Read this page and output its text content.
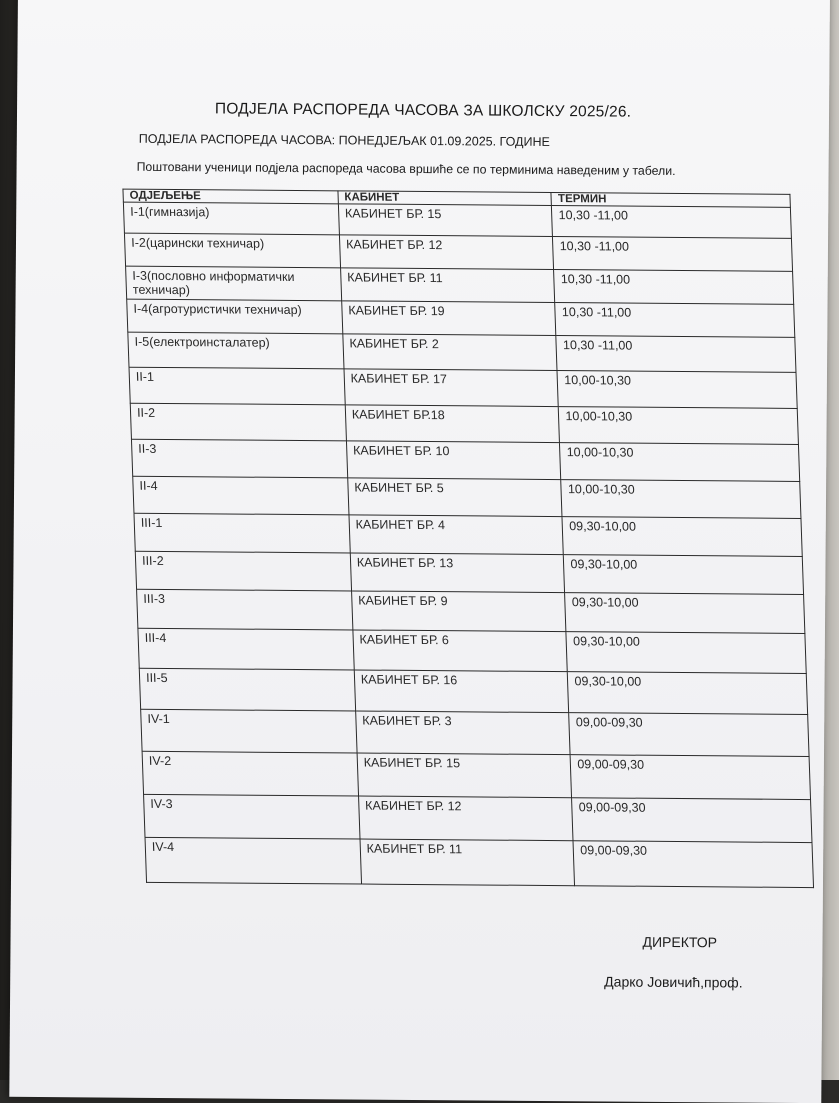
ПОДЈЕЛА РАСПОРЕДА ЧАСОВА ЗА ШКОЛСКУ 2025/26.
ПОДЈЕЛА РАСПОРЕДА ЧАСОВА: ПОНЕДЈЕЉАК 01.09.2025. ГОДИНЕ
Поштовани ученици подјела распореда часова вршиће се по терминима наведеним у табели.
ОДЈЕЉЕЊЕ	КАБИНЕТ	ТЕРМИН
I-1(гимназија)	КАБИНЕТ БР. 15	10,30 -11,00
I-2(царински техничар)	КАБИНЕТ БР. 12	10,30 -11,00
I-3(пословно информатички техничар)	КАБИНЕТ БР. 11	10,30 -11,00
I-4(агротуристички техничар)	КАБИНЕТ БР. 19	10,30 -11,00
I-5(електроинсталатер)	КАБИНЕТ БР. 2	10,30 -11,00
II-1	КАБИНЕТ БР. 17	10,00-10,30
II-2	КАБИНЕТ БР.18	10,00-10,30
II-3	КАБИНЕТ БР. 10	10,00-10,30
II-4	КАБИНЕТ БР. 5	10,00-10,30
III-1	КАБИНЕТ БР. 4	09,30-10,00
III-2	КАБИНЕТ БР. 13	09,30-10,00
III-3	КАБИНЕТ БР. 9	09,30-10,00
III-4	КАБИНЕТ БР. 6	09,30-10,00
III-5	КАБИНЕТ БР. 16	09,30-10,00
IV-1	КАБИНЕТ БР. 3	09,00-09,30
IV-2	КАБИНЕТ БР. 15	09,00-09,30
IV-3	КАБИНЕТ БР. 12	09,00-09,30
IV-4	КАБИНЕТ БР. 11	09,00-09,30
ДИРЕКТОР
Дарко Јовичић,проф.
